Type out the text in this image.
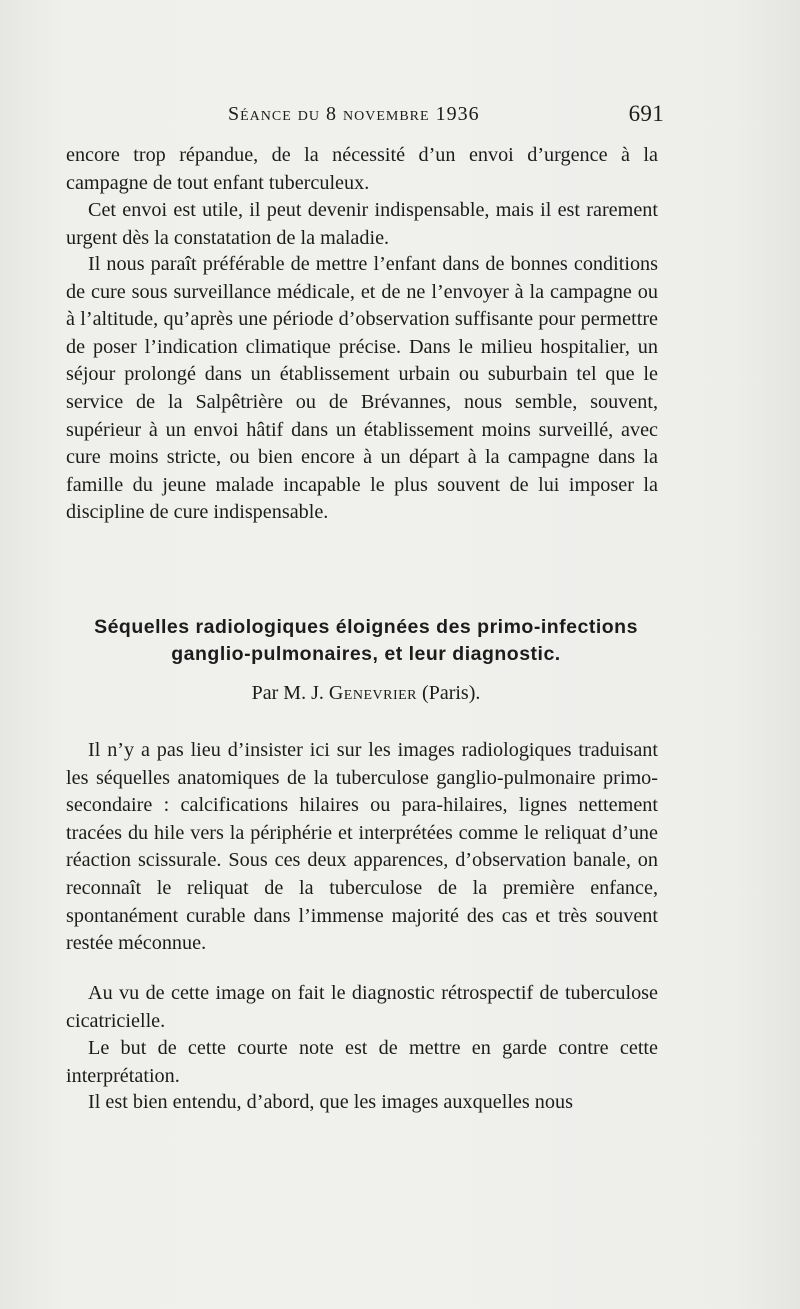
Séance du 8 novembre 1936	691

encore trop répandue, de la nécessité d’un envoi d’urgence à la campagne de tout enfant tuberculeux.

Cet envoi est utile, il peut devenir indispensable, mais il est rarement urgent dès la constatation de la maladie.

Il nous paraît préférable de mettre l’enfant dans de bonnes conditions de cure sous surveillance médicale, et de ne l’envoyer à la campagne ou à l’altitude, qu’après une période d’observation suffisante pour permettre de poser l’indication climatique précise. Dans le milieu hospitalier, un séjour prolongé dans un établissement urbain ou suburbain tel que le service de la Salpêtrière ou de Brévannes, nous semble, souvent, supérieur à un envoi hâtif dans un établissement moins surveillé, avec cure moins stricte, ou bien encore à un départ à la campagne dans la famille du jeune malade incapable le plus souvent de lui imposer la discipline de cure indispensable.

Séquelles radiologiques éloignées des primo-infections ganglio-pulmonaires, et leur diagnostic.

Par M. J. Genevrier (Paris).

Il n’y a pas lieu d’insister ici sur les images radiologiques traduisant les séquelles anatomiques de la tuberculose ganglio-pulmonaire primo-secondaire : calcifications hilaires ou para-hilaires, lignes nettement tracées du hile vers la périphérie et interprétées comme le reliquat d’une réaction scissurale. Sous ces deux apparences, d’observation banale, on reconnaît le reliquat de la tuberculose de la première enfance, spontanément curable dans l’immense majorité des cas et très souvent restée méconnue.

Au vu de cette image on fait le diagnostic rétrospectif de tuberculose cicatricielle.

Le but de cette courte note est de mettre en garde contre cette interprétation.

Il est bien entendu, d’abord, que les images auxquelles nous
